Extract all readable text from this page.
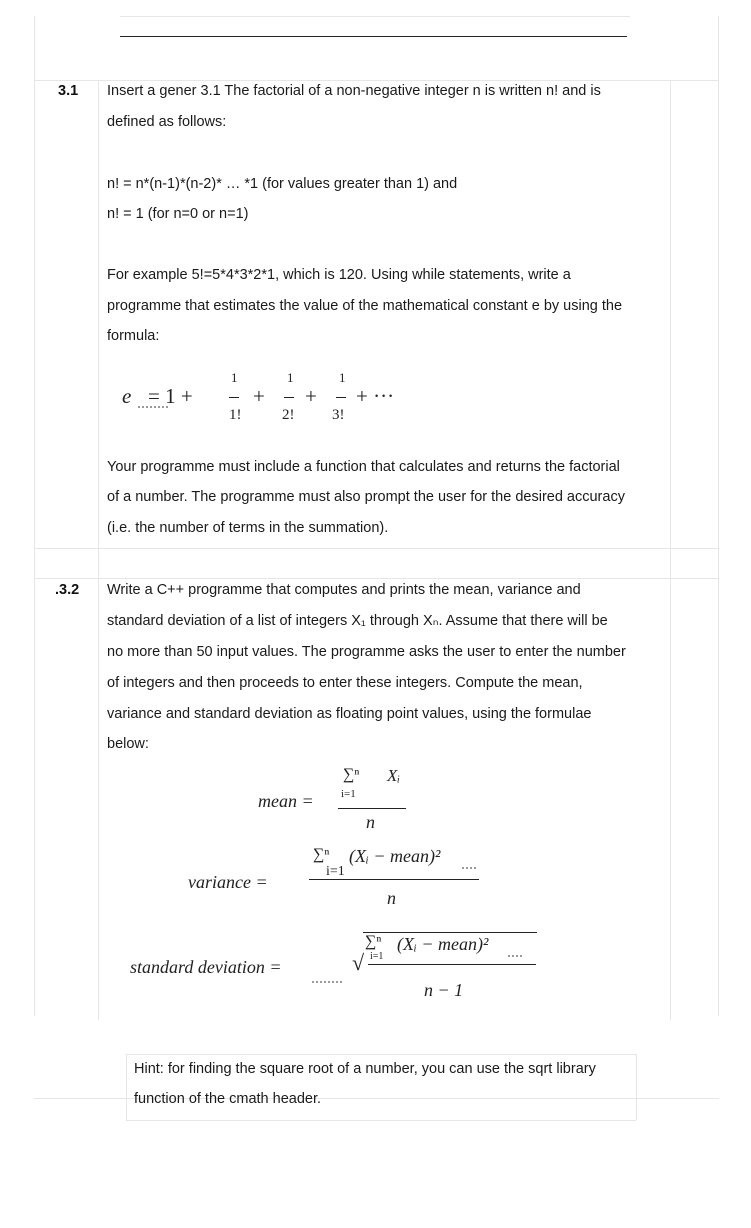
3.1 Insert a gener 3.1 The factorial of a non-negative integer n is written n! and is
defined as follows:
n! = n*(n-1)*(n-2)* … *1 (for values greater than 1) and
n! = 1 (for n=0 or n=1)
For example 5!=5*4*3*2*1, which is 120. Using while statements, write a
programme that estimates the value of the mathematical constant e by using the
formula:
e = 1 +
1
1!
+
1
2!
+
1
3!
+ ···
Your programme must include a function that calculates and returns the factorial
of a number. The programme must also prompt the user for the desired accuracy
(i.e. the number of terms in the summation).
.3.2 Write a C++ programme that computes and prints the mean, variance and
standard deviation of a list of integers X₁ through Xₙ. Assume that there will be
no more than 50 input values. The programme asks the user to enter the number
of integers and then proceeds to enter these integers. Compute the mean,
variance and standard deviation as floating point values, using the formulae
below:
mean =
∑ⁿ Xᵢ
i=1
n
variance =
∑ⁿ (Xᵢ − mean)²
i=1
n
standard deviation =	√
∑ⁿ (Xᵢ − mean)²
i=1
n − 1
Hint: for finding the square root of a number, you can use the sqrt library
function of the cmath header.
